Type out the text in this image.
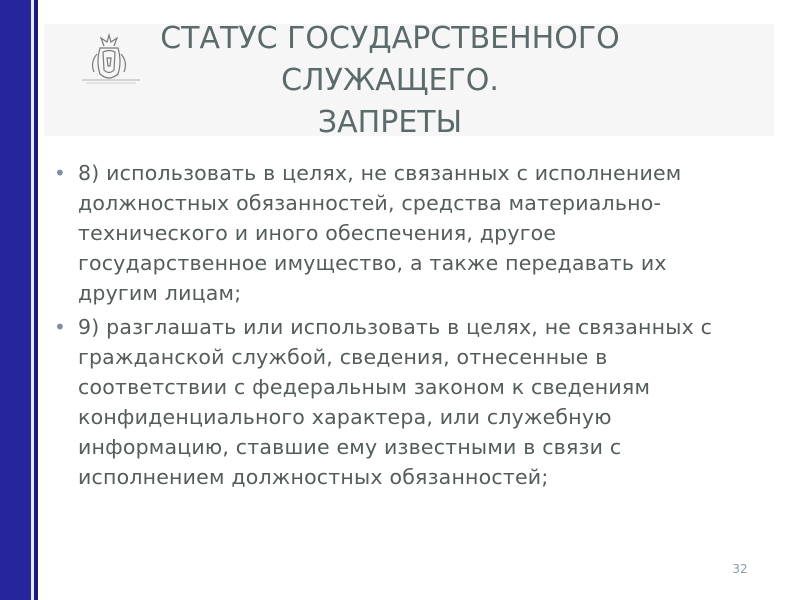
СТАТУС ГОСУДАРСТВЕННОГО
СЛУЖАЩЕГО.
ЗАПРЕТЫ
• 8) использовать в целях, не связанных с исполнением должностных обязанностей, средства материально-технического и иного обеспечения, другое государственное имущество, а также передавать их другим лицам;
• 9) разглашать или использовать в целях, не связанных с гражданской службой, сведения, отнесенные в соответствии с федеральным законом к сведениям конфиденциального характера, или служебную информацию, ставшие ему известными в связи с исполнением должностных обязанностей;
32
